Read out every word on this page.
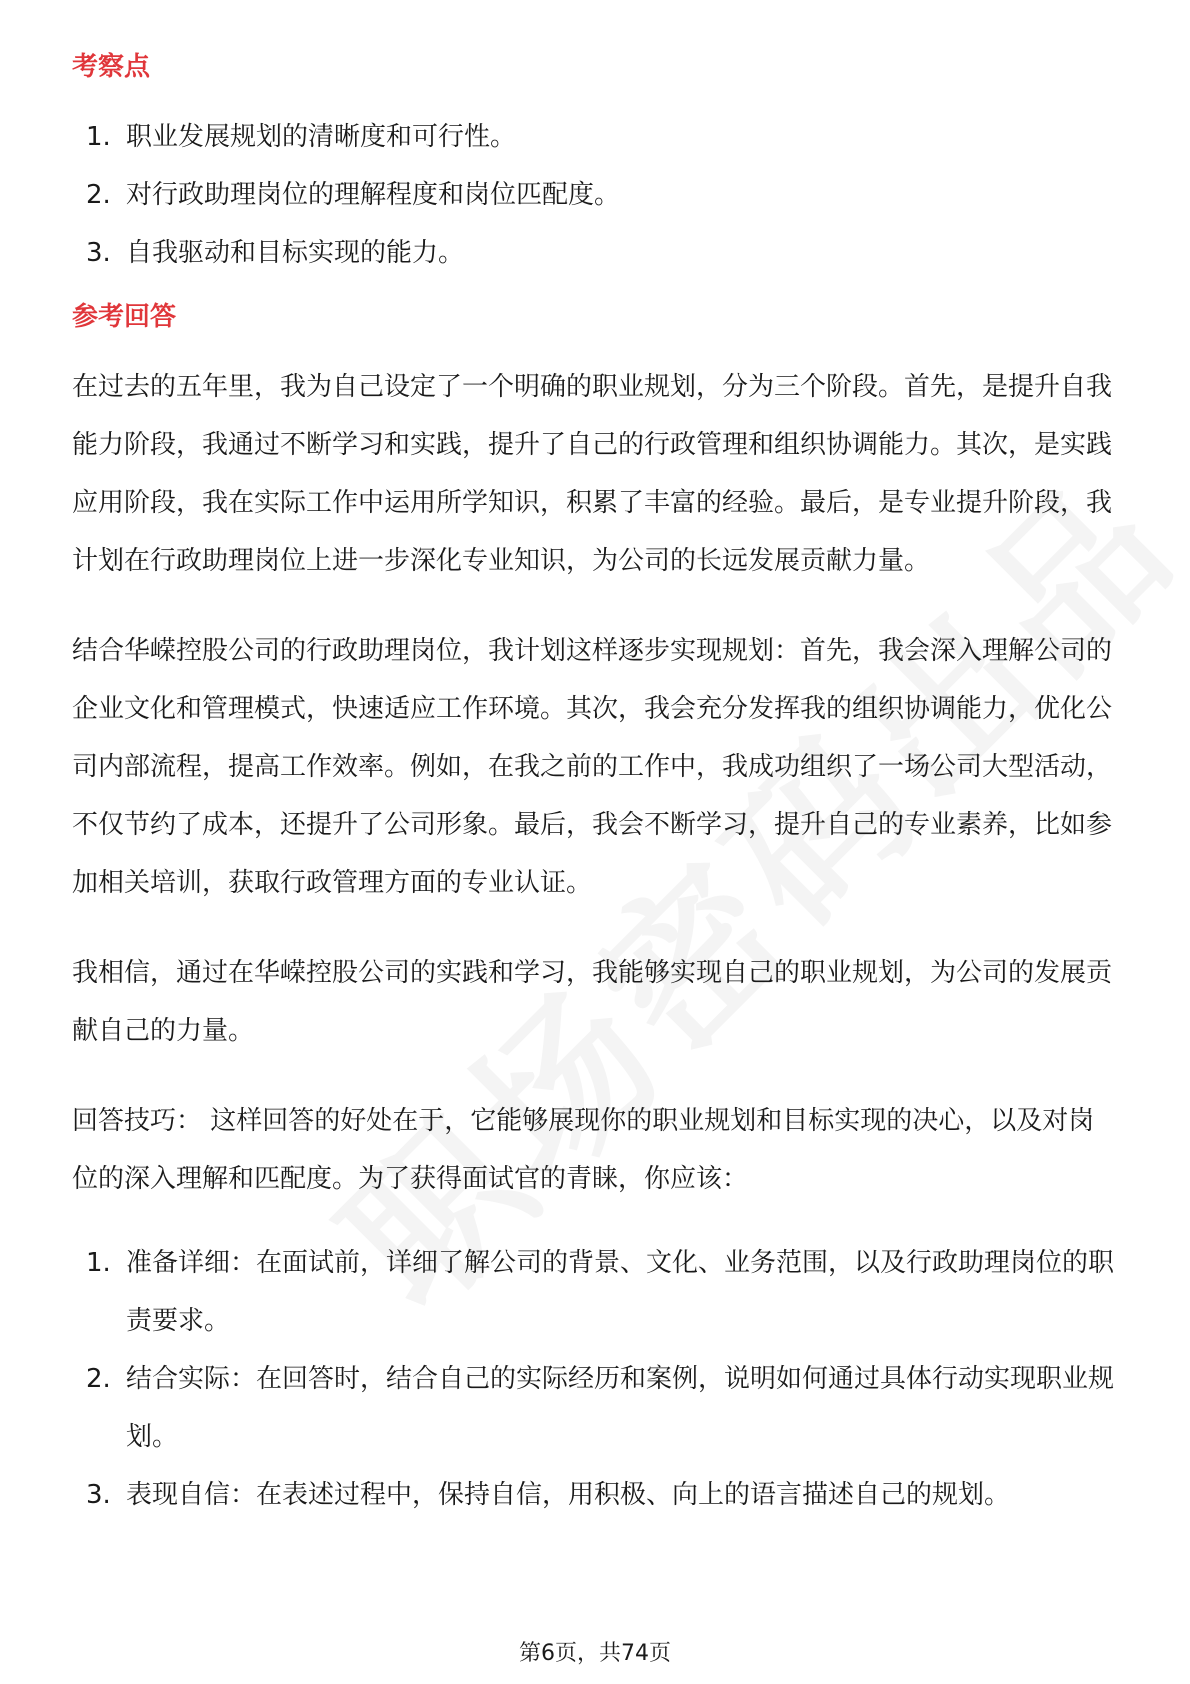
考察点
1. 职业发展规划的清晰度和可行性。
2. 对行政助理岗位的理解程度和岗位匹配度。
3. 自我驱动和目标实现的能力。
参考回答

在过去的五年里，我为自己设定了一个明确的职业规划，分为三个阶段。首先，是提升自我能力阶段，我通过不断学习和实践，提升了自己的行政管理和组织协调能力。其次，是实践应用阶段，我在实际工作中运用所学知识，积累了丰富的经验。最后，是专业提升阶段，我计划在行政助理岗位上进一步深化专业知识，为公司的长远发展贡献力量。

结合华嵘控股公司的行政助理岗位，我计划这样逐步实现规划：首先，我会深入理解公司的企业文化和管理模式，快速适应工作环境。其次，我会充分发挥我的组织协调能力，优化公司内部流程，提高工作效率。例如，在我之前的工作中，我成功组织了一场公司大型活动，不仅节约了成本，还提升了公司形象。最后，我会不断学习，提升自己的专业素养，比如参加相关培训，获取行政管理方面的专业认证。

我相信，通过在华嵘控股公司的实践和学习，我能够实现自己的职业规划，为公司的发展贡献自己的力量。

回答技巧： 这样回答的好处在于，它能够展现你的职业规划和目标实现的决心，以及对岗位的深入理解和匹配度。为了获得面试官的青睐，你应该：

1. 准备详细：在面试前，详细了解公司的背景、文化、业务范围，以及行政助理岗位的职责要求。
2. 结合实际：在回答时，结合自己的实际经历和案例，说明如何通过具体行动实现职业规划。
3. 表现自信：在表述过程中，保持自信，用积极、向上的语言描述自己的规划。
第6页，共74页
